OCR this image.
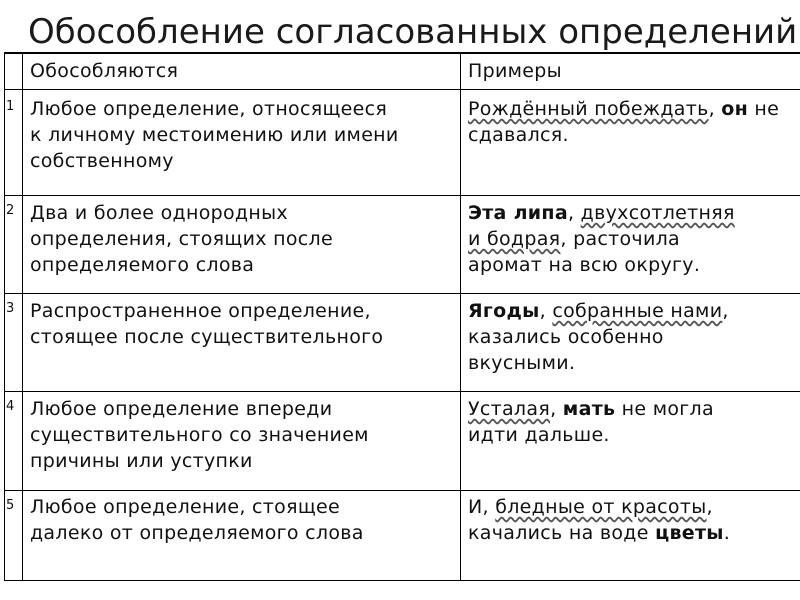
Обособление согласованных определений
Обособляются	Примеры
1 Любое определение, относящееся
к личному местоимению или имени
собственному
Рождённый побеждать, он не сдавался.
2 Два и более однородных
определения, стоящих после
определяемого слова
Эта липа, двухсотлетняя
и бодрая, расточила
аромат на всю округу.
3 Распространенное определение,
стоящее после существительного
Ягоды, собранные нами,
казались особенно
вкусными.
4 Любое определение впереди
существительного со значением
причины или уступки
Усталая, мать не могла
идти дальше.
5 Любое определение, стоящее
далеко от определяемого слова
И, бледные от красоты,
качались на воде цветы.
